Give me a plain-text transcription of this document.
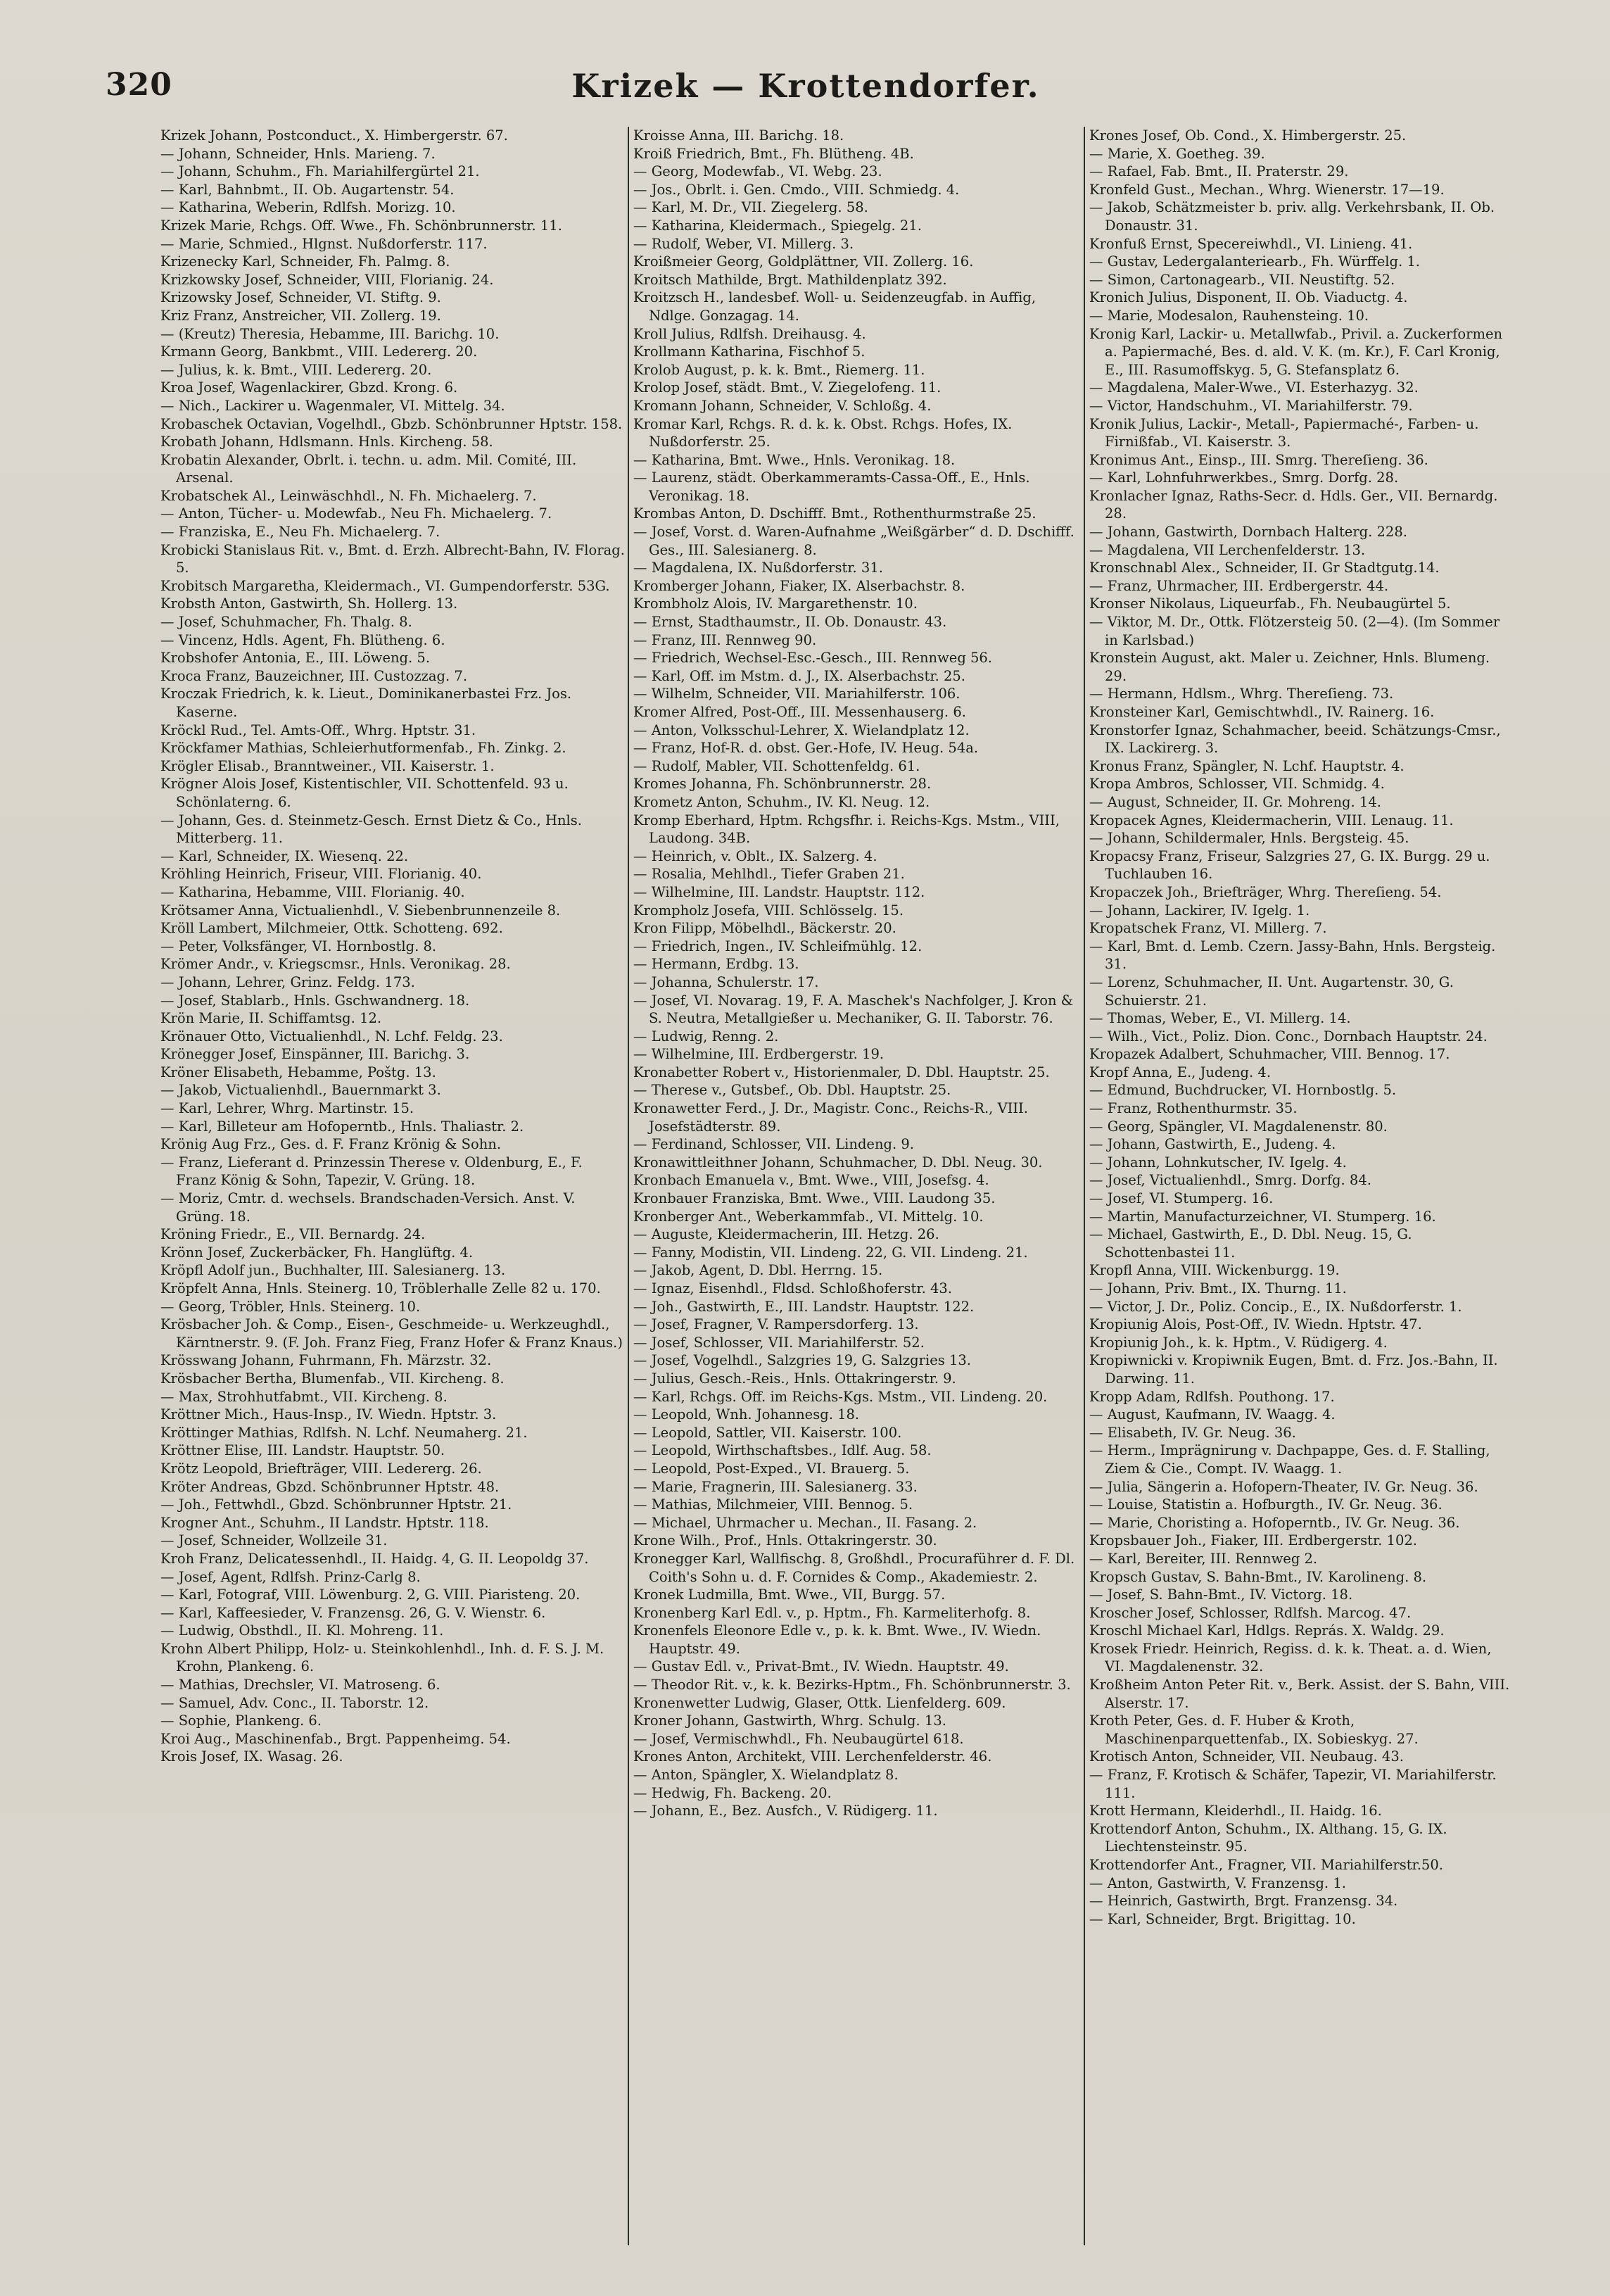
320	Krizek — Krottendorfer.

Krizek Johann, Postconduct., X. Himbergerstr. 67.

— Johann, Schneider, Hnls. Marieng. 7.

— Johann, Schuhm., Fh. Mariahilfergürtel 21.

— Karl, Bahnbmt., II. Ob. Augartenstr. 54.

— Katharina, Weberin, Rdlfsh. Morizg. 10.

Krizek Marie, Rchgs. Off. Wwe., Fh. Schönbrunnerstr. 11.

— Marie, Schmied., Hlgnst. Nußdorferstr. 117.

Krizenecky Karl, Schneider, Fh. Palmg. 8.

Krizkowsky Josef, Schneider, VIII, Florianig. 24.

Krizowsky Josef, Schneider, VI. Stiftg. 9.

Kriz Franz, Anstreicher, VII. Zollerg. 19.

— (Kreutz) Theresia, Hebamme, III. Barichg. 10.

Krmann Georg, Bankbmt., VIII. Ledererg. 20.

— Julius, k. k. Bmt., VIII. Ledererg. 20.

Kroa Josef, Wagenlackirer, Gbzd. Krong. 6.

— Nich., Lackirer u. Wagenmaler, VI. Mittelg. 34.

Krobaschek Octavian, Vogelhdl., Gbzb. Schönbrunner Hptstr. 158.

Krobath Johann, Hdlsmann. Hnls. Kircheng. 58.

Krobatin Alexander, Obrlt. i. techn. u. adm. Mil. Comité, III. Arsenal.

Krobatschek Al., Leinwäschhdl., N. Fh. Michaelerg. 7.

— Anton, Tücher- u. Modewfab., Neu Fh. Michaelerg. 7.

— Franziska, E., Neu Fh. Michaelerg. 7.

Krobicki Stanislaus Rit. v., Bmt. d. Erzh. Albrecht-Bahn, IV. Florag. 5.

Krobitsch Margaretha, Kleidermach., VI. Gumpendorferstr. 53G.

Krobsth Anton, Gastwirth, Sh. Hollerg. 13.

— Josef, Schuhmacher, Fh. Thalg. 8.

— Vincenz, Hdls. Agent, Fh. Blütheng. 6.

Krobshofer Antonia, E., III. Löweng. 5.

Kroca Franz, Bauzeichner, III. Custozzag. 7.

Kroczak Friedrich, k. k. Lieut., Dominikanerbastei Frz. Jos. Kaserne.

Kröckl Rud., Tel. Amts-Off., Whrg. Hptstr. 31.

Kröckfamer Mathias, Schleierhutformenfab., Fh. Zinkg. 2.

Krögler Elisab., Branntweiner., VII. Kaiserstr. 1.

Krögner Alois Josef, Kistentischler, VII. Schottenfeld. 93 u. Schönlaterng. 6.

— Johann, Ges. d. Steinmetz-Gesch. Ernst Dietz & Co., Hnls. Mitterberg. 11.

— Karl, Schneider, IX. Wiesenq. 22.

Kröhling Heinrich, Friseur, VIII. Florianig. 40.

— Katharina, Hebamme, VIII. Florianig. 40.

Krötsamer Anna, Victualienhdl., V. Siebenbrunnenzeile 8.

Kröll Lambert, Milchmeier, Ottk. Schotteng. 692.

— Peter, Volksfänger, VI. Hornbostlg. 8.

Krömer Andr., v. Kriegscmsr., Hnls. Veronikag. 28.

— Johann, Lehrer, Grinz. Feldg. 173.

— Josef, Stablarb., Hnls. Gschwandnerg. 18.

Krön Marie, II. Schiffamtsg. 12.

Krönauer Otto, Victualienhdl., N. Lchf. Feldg. 23.

Krönegger Josef, Einspänner, III. Barichg. 3.

Kröner Elisabeth, Hebamme, Poštg. 13.

— Jakob, Victualienhdl., Bauernmarkt 3.

— Karl, Lehrer, Whrg. Martinstr. 15.

— Karl, Billeteur am Hofoperntb., Hnls. Thaliastr. 2.

Krönig Aug Frz., Ges. d. F. Franz Krönig & Sohn.

— Franz, Lieferant d. Prinzessin Therese v. Oldenburg, E., F. Franz König & Sohn, Tapezir, V. Grüng. 18.

— Moriz, Cmtr. d. wechsels. Brandschaden-Versich. Anst. V. Grüng. 18.

Kröning Friedr., E., VII. Bernardg. 24.

Krönn Josef, Zuckerbäcker, Fh. Hanglüftg. 4.

Kröpfl Adolf jun., Buchhalter, III. Salesianerg. 13.

Kröpfelt Anna, Hnls. Steinerg. 10, Tröblerhalle Zelle 82 u. 170.

— Georg, Tröbler, Hnls. Steinerg. 10.

Krösbacher Joh. & Comp., Eisen-, Geschmeide- u. Werkzeughdl., Kärntnerstr. 9. (F. Joh. Franz Fieg, Franz Hofer & Franz Knaus.)

Krösswang Johann, Fuhrmann, Fh. Märzstr. 32.

Krösbacher Bertha, Blumenfab., VII. Kircheng. 8.

— Max, Strohhutfabmt., VII. Kircheng. 8.

Kröttner Mich., Haus-Insp., IV. Wiedn. Hptstr. 3.

Kröttinger Mathias, Rdlfsh. N. Lchf. Neumaherg. 21.

Kröttner Elise, III. Landstr. Hauptstr. 50.

Krötz Leopold, Briefträger, VIII. Ledererg. 26.

Kröter Andreas, Gbzd. Schönbrunner Hptstr. 48.

— Joh., Fettwhdl., Gbzd. Schönbrunner Hptstr. 21.

Krogner Ant., Schuhm., II Landstr. Hptstr. 118.

— Josef, Schneider, Wollzeile 31.

Kroh Franz, Delicatessenhdl., II. Haidg. 4, G. II. Leopoldg 37.

— Josef, Agent, Rdlfsh. Prinz-Carlg 8.

— Karl, Fotograf, VIII. Löwenburg. 2, G. VIII. Piaristeng. 20.

— Karl, Kaffeesieder, V. Franzensg. 26, G. V. Wienstr. 6.

— Ludwig, Obsthdl., II. Kl. Mohreng. 11.

Krohn Albert Philipp, Holz- u. Steinkohlenhdl., Inh. d. F. S. J. M. Krohn, Plankeng. 6.

— Mathias, Drechsler, VI. Matroseng. 6.

— Samuel, Adv. Conc., II. Taborstr. 12.

— Sophie, Plankeng. 6.

Kroi Aug., Maschinenfab., Brgt. Pappenheimg. 54.

Krois Josef, IX. Wasag. 26.

Kroisse Anna, III. Barichg. 18.

Kroiß Friedrich, Bmt., Fh. Blütheng. 4B.

— Georg, Modewfab., VI. Webg. 23.

— Jos., Obrlt. i. Gen. Cmdo., VIII. Schmiedg. 4.

— Karl, M. Dr., VII. Ziegelerg. 58.

— Katharina, Kleidermach., Spiegelg. 21.

— Rudolf, Weber, VI. Millerg. 3.

Kroißmeier Georg, Goldplättner, VII. Zollerg. 16.

Kroitsch Mathilde, Brgt. Mathildenplatz 392.

Kroitzsch H., landesbef. Woll- u. Seidenzeugfab. in Auffig, Ndlge. Gonzagag. 14.

Kroll Julius, Rdlfsh. Dreihausg. 4.

Krollmann Katharina, Fischhof 5.

Krolob August, p. k. k. Bmt., Riemerg. 11.

Krolop Josef, städt. Bmt., V. Ziegelofeng. 11.

Kromann Johann, Schneider, V. Schloßg. 4.

Kromar Karl, Rchgs. R. d. k. k. Obst. Rchgs. Hofes, IX. Nußdorferstr. 25.

— Katharina, Bmt. Wwe., Hnls. Veronikag. 18.

— Laurenz, städt. Oberkammeramts-Cassa-Off., E., Hnls. Veronikag. 18.

Krombas Anton, D. Dschifff. Bmt., Rothenthurmstraße 25.

— Josef, Vorst. d. Waren-Aufnahme „Weißgärber“ d. D. Dschifff. Ges., III. Salesianerg. 8.

— Magdalena, IX. Nußdorferstr. 31.

Kromberger Johann, Fiaker, IX. Alserbachstr. 8.

Krombholz Alois, IV. Margarethenstr. 10.

— Ernst, Stadthaumstr., II. Ob. Donaustr. 43.

— Franz, III. Rennweg 90.

— Friedrich, Wechsel-Esc.-Gesch., III. Rennweg 56.

— Karl, Off. im Mstm. d. J., IX. Alserbachstr. 25.

— Wilhelm, Schneider, VII. Mariahilferstr. 106.

Kromer Alfred, Post-Off., III. Messenhauserg. 6.

— Anton, Volksschul-Lehrer, X. Wielandplatz 12.

— Franz, Hof-R. d. obst. Ger.-Hofe, IV. Heug. 54a.

— Rudolf, Mabler, VII. Schottenfeldg. 61.

Kromes Johanna, Fh. Schönbrunnerstr. 28.

Krometz Anton, Schuhm., IV. Kl. Neug. 12.

Kromp Eberhard, Hptm. Rchgsfhr. i. Reichs-Kgs. Mstm., VIII, Laudong. 34B.

— Heinrich, v. Oblt., IX. Salzerg. 4.

— Rosalia, Mehlhdl., Tiefer Graben 21.

— Wilhelmine, III. Landstr. Hauptstr. 112.

Krompholz Josefa, VIII. Schlösselg. 15.

Kron Filipp, Möbelhdl., Bäckerstr. 20.

— Friedrich, Ingen., IV. Schleifmühlg. 12.

— Hermann, Erdbg. 13.

— Johanna, Schulerstr. 17.

— Josef, VI. Novarag. 19, F. A. Maschek's Nachfolger, J. Kron & S. Neutra, Metallgießer u. Mechaniker, G. II. Taborstr. 76.

— Ludwig, Renng. 2.

— Wilhelmine, III. Erdbergerstr. 19.

Kronabetter Robert v., Historienmaler, D. Dbl. Hauptstr. 25.

— Therese v., Gutsbef., Ob. Dbl. Hauptstr. 25.

Kronawetter Ferd., J. Dr., Magistr. Conc., Reichs-R., VIII. Josefstädterstr. 89.

— Ferdinand, Schlosser, VII. Lindeng. 9.

Kronawittleithner Johann, Schuhmacher, D. Dbl. Neug. 30.

Kronbach Emanuela v., Bmt. Wwe., VIII, Josefsg. 4.

Kronbauer Franziska, Bmt. Wwe., VIII. Laudong 35.

Kronberger Ant., Weberkammfab., VI. Mittelg. 10.

— Auguste, Kleidermacherin, III. Hetzg. 26.

— Fanny, Modistin, VII. Lindeng. 22, G. VII. Lindeng. 21.

— Jakob, Agent, D. Dbl. Herrng. 15.

— Ignaz, Eisenhdl., Fldsd. Schloßhoferstr. 43.

— Joh., Gastwirth, E., III. Landstr. Hauptstr. 122.

— Josef, Fragner, V. Rampersdorferg. 13.

— Josef, Schlosser, VII. Mariahilferstr. 52.

— Josef, Vogelhdl., Salzgries 19, G. Salzgries 13.

— Julius, Gesch.-Reis., Hnls. Ottakringerstr. 9.

— Karl, Rchgs. Off. im Reichs-Kgs. Mstm., VII. Lindeng. 20.

— Leopold, Wnh. Johannesg. 18.

— Leopold, Sattler, VII. Kaiserstr. 100.

— Leopold, Wirthschaftsbes., Idlf. Aug. 58.

— Leopold, Post-Exped., VI. Brauerg. 5.

— Marie, Fragnerin, III. Salesianerg. 33.

— Mathias, Milchmeier, VIII. Bennog. 5.

— Michael, Uhrmacher u. Mechan., II. Fasang. 2.

Krone Wilh., Prof., Hnls. Ottakringerstr. 30.

Kronegger Karl, Wallfischg. 8, Großhdl., Procuraführer d. F. Dl. Coith's Sohn u. d. F. Cornides & Comp., Akademiestr. 2.

Kronek Ludmilla, Bmt. Wwe., VII, Burgg. 57.

Kronenberg Karl Edl. v., p. Hptm., Fh. Karmeliterhofg. 8.

Kronenfels Eleonore Edle v., p. k. k. Bmt. Wwe., IV. Wiedn. Hauptstr. 49.

— Gustav Edl. v., Privat-Bmt., IV. Wiedn. Hauptstr. 49.

— Theodor Rit. v., k. k. Bezirks-Hptm., Fh. Schönbrunnerstr. 3.

Kronenwetter Ludwig, Glaser, Ottk. Lienfelderg. 609.

Kroner Johann, Gastwirth, Whrg. Schulg. 13.

— Josef, Vermischwhdl., Fh. Neubaugürtel 618.

Krones Anton, Architekt, VIII. Lerchenfelderstr. 46.

— Anton, Spängler, X. Wielandplatz 8.

— Hedwig, Fh. Backeng. 20.

— Johann, E., Bez. Ausfch., V. Rüdigerg. 11.

Krones Josef, Ob. Cond., X. Himbergerstr. 25.

— Marie, X. Goetheg. 39.

— Rafael, Fab. Bmt., II. Praterstr. 29.

Kronfeld Gust., Mechan., Whrg. Wienerstr. 17—19.

— Jakob, Schätzmeister b. priv. allg. Verkehrsbank, II. Ob. Donaustr. 31.

Kronfuß Ernst, Specereiwhdl., VI. Linieng. 41.

— Gustav, Ledergalanteriearb., Fh. Würffelg. 1.

— Simon, Cartonagearb., VII. Neustiftg. 52.

Kronich Julius, Disponent, II. Ob. Viaductg. 4.

— Marie, Modesalon, Rauhensteing. 10.

Kronig Karl, Lackir- u. Metallwfab., Privil. a. Zuckerformen a. Papiermaché, Bes. d. ald. V. K. (m. Kr.), F. Carl Kronig, E., III. Rasumoffskyg. 5, G. Stefansplatz 6.

— Magdalena, Maler-Wwe., VI. Esterhazyg. 32.

— Victor, Handschuhm., VI. Mariahilferstr. 79.

Kronik Julius, Lackir-, Metall-, Papiermaché-, Farben- u. Firnißfab., VI. Kaiserstr. 3.

Kronimus Ant., Einsp., III. Smrg. Thereſieng. 36.

— Karl, Lohnfuhrwerkbes., Smrg. Dorfg. 28.

Kronlacher Ignaz, Raths-Secr. d. Hdls. Ger., VII. Bernardg. 28.

— Johann, Gastwirth, Dornbach Halterg. 228.

— Magdalena, VII Lerchenfelderstr. 13.

Kronschnabl Alex., Schneider, II. Gr Stadtgutg.14.

— Franz, Uhrmacher, III. Erdbergerstr. 44.

Kronser Nikolaus, Liqueurfab., Fh. Neubaugürtel 5.

— Viktor, M. Dr., Ottk. Flötzersteig 50. (2—4). (Im Sommer in Karlsbad.)

Kronstein August, akt. Maler u. Zeichner, Hnls. Blumeng. 29.

— Hermann, Hdlsm., Whrg. Thereſieng. 73.

Kronsteiner Karl, Gemischtwhdl., IV. Rainerg. 16.

Kronstorfer Ignaz, Schahmacher, beeid. Schätzungs-Cmsr., IX. Lackirerg. 3.

Kronus Franz, Spängler, N. Lchf. Hauptstr. 4.

Kropa Ambros, Schlosser, VII. Schmidg. 4.

— August, Schneider, II. Gr. Mohreng. 14.

Kropacek Agnes, Kleidermacherin, VIII. Lenaug. 11.

— Johann, Schildermaler, Hnls. Bergsteig. 45.

Kropacsy Franz, Friseur, Salzgries 27, G. IX. Burgg. 29 u. Tuchlauben 16.

Kropaczek Joh., Briefträger, Whrg. Thereſieng. 54.

— Johann, Lackirer, IV. Igelg. 1.

Kropatschek Franz, VI. Millerg. 7.

— Karl, Bmt. d. Lemb. Czern. Jassy-Bahn, Hnls. Bergsteig. 31.

— Lorenz, Schuhmacher, II. Unt. Augartenstr. 30, G. Schuierstr. 21.

— Thomas, Weber, E., VI. Millerg. 14.

— Wilh., Vict., Poliz. Dion. Conc., Dornbach Hauptstr. 24.

Kropazek Adalbert, Schuhmacher, VIII. Bennog. 17.

Kropf Anna, E., Judeng. 4.

— Edmund, Buchdrucker, VI. Hornbostlg. 5.

— Franz, Rothenthurmstr. 35.

— Georg, Spängler, VI. Magdalenenstr. 80.

— Johann, Gastwirth, E., Judeng. 4.

— Johann, Lohnkutscher, IV. Igelg. 4.

— Josef, Victualienhdl., Smrg. Dorfg. 84.

— Josef, VI. Stumperg. 16.

— Martin, Manufacturzeichner, VI. Stumperg. 16.

— Michael, Gastwirth, E., D. Dbl. Neug. 15, G. Schottenbastei 11.

Kropfl Anna, VIII. Wickenburgg. 19.

— Johann, Priv. Bmt., IX. Thurng. 11.

— Victor, J. Dr., Poliz. Concip., E., IX. Nußdorferstr. 1.

Kropiunig Alois, Post-Off., IV. Wiedn. Hptstr. 47.

Kropiunig Joh., k. k. Hptm., V. Rüdigerg. 4.

Kropiwnicki v. Kropiwnik Eugen, Bmt. d. Frz. Jos.-Bahn, II. Darwing. 11.

Kropp Adam, Rdlfsh. Pouthong. 17.

— August, Kaufmann, IV. Waagg. 4.

— Elisabeth, IV. Gr. Neug. 36.

— Herm., Imprägnirung v. Dachpappe, Ges. d. F. Stalling, Ziem & Cie., Compt. IV. Waagg. 1.

— Julia, Sängerin a. Hofopern-Theater, IV. Gr. Neug. 36.

— Louise, Statistin a. Hofburgth., IV. Gr. Neug. 36.

— Marie, Choristing a. Hofoperntb., IV. Gr. Neug. 36.

Kropsbauer Joh., Fiaker, III. Erdbergerstr. 102.

— Karl, Bereiter, III. Rennweg 2.

Kropsch Gustav, S. Bahn-Bmt., IV. Karolineng. 8.

— Josef, S. Bahn-Bmt., IV. Victorg. 18.

Kroscher Josef, Schlosser, Rdlfsh. Marcog. 47.

Kroschl Michael Karl, Hdlgs. Reprás. X. Waldg. 29.

Krosek Friedr. Heinrich, Regiss. d. k. k. Theat. a. d. Wien, VI. Magdalenenstr. 32.

Kroßheim Anton Peter Rit. v., Berk. Assist. der S. Bahn, VIII. Alserstr. 17.

Kroth Peter, Ges. d. F. Huber & Kroth, Maschinenparquettenfab., IX. Sobieskyg. 27.

Krotisch Anton, Schneider, VII. Neubaug. 43.

— Franz, F. Krotisch & Schäfer, Tapezir, VI. Mariahilferstr. 111.

Krott Hermann, Kleiderhdl., II. Haidg. 16.

Krottendorf Anton, Schuhm., IX. Althang. 15, G. IX. Liechtensteinstr. 95.

Krottendorfer Ant., Fragner, VII. Mariahilferstr.50.

— Anton, Gastwirth, V. Franzensg. 1.

— Heinrich, Gastwirth, Brgt. Franzensg. 34.

— Karl, Schneider, Brgt. Brigittag. 10.
